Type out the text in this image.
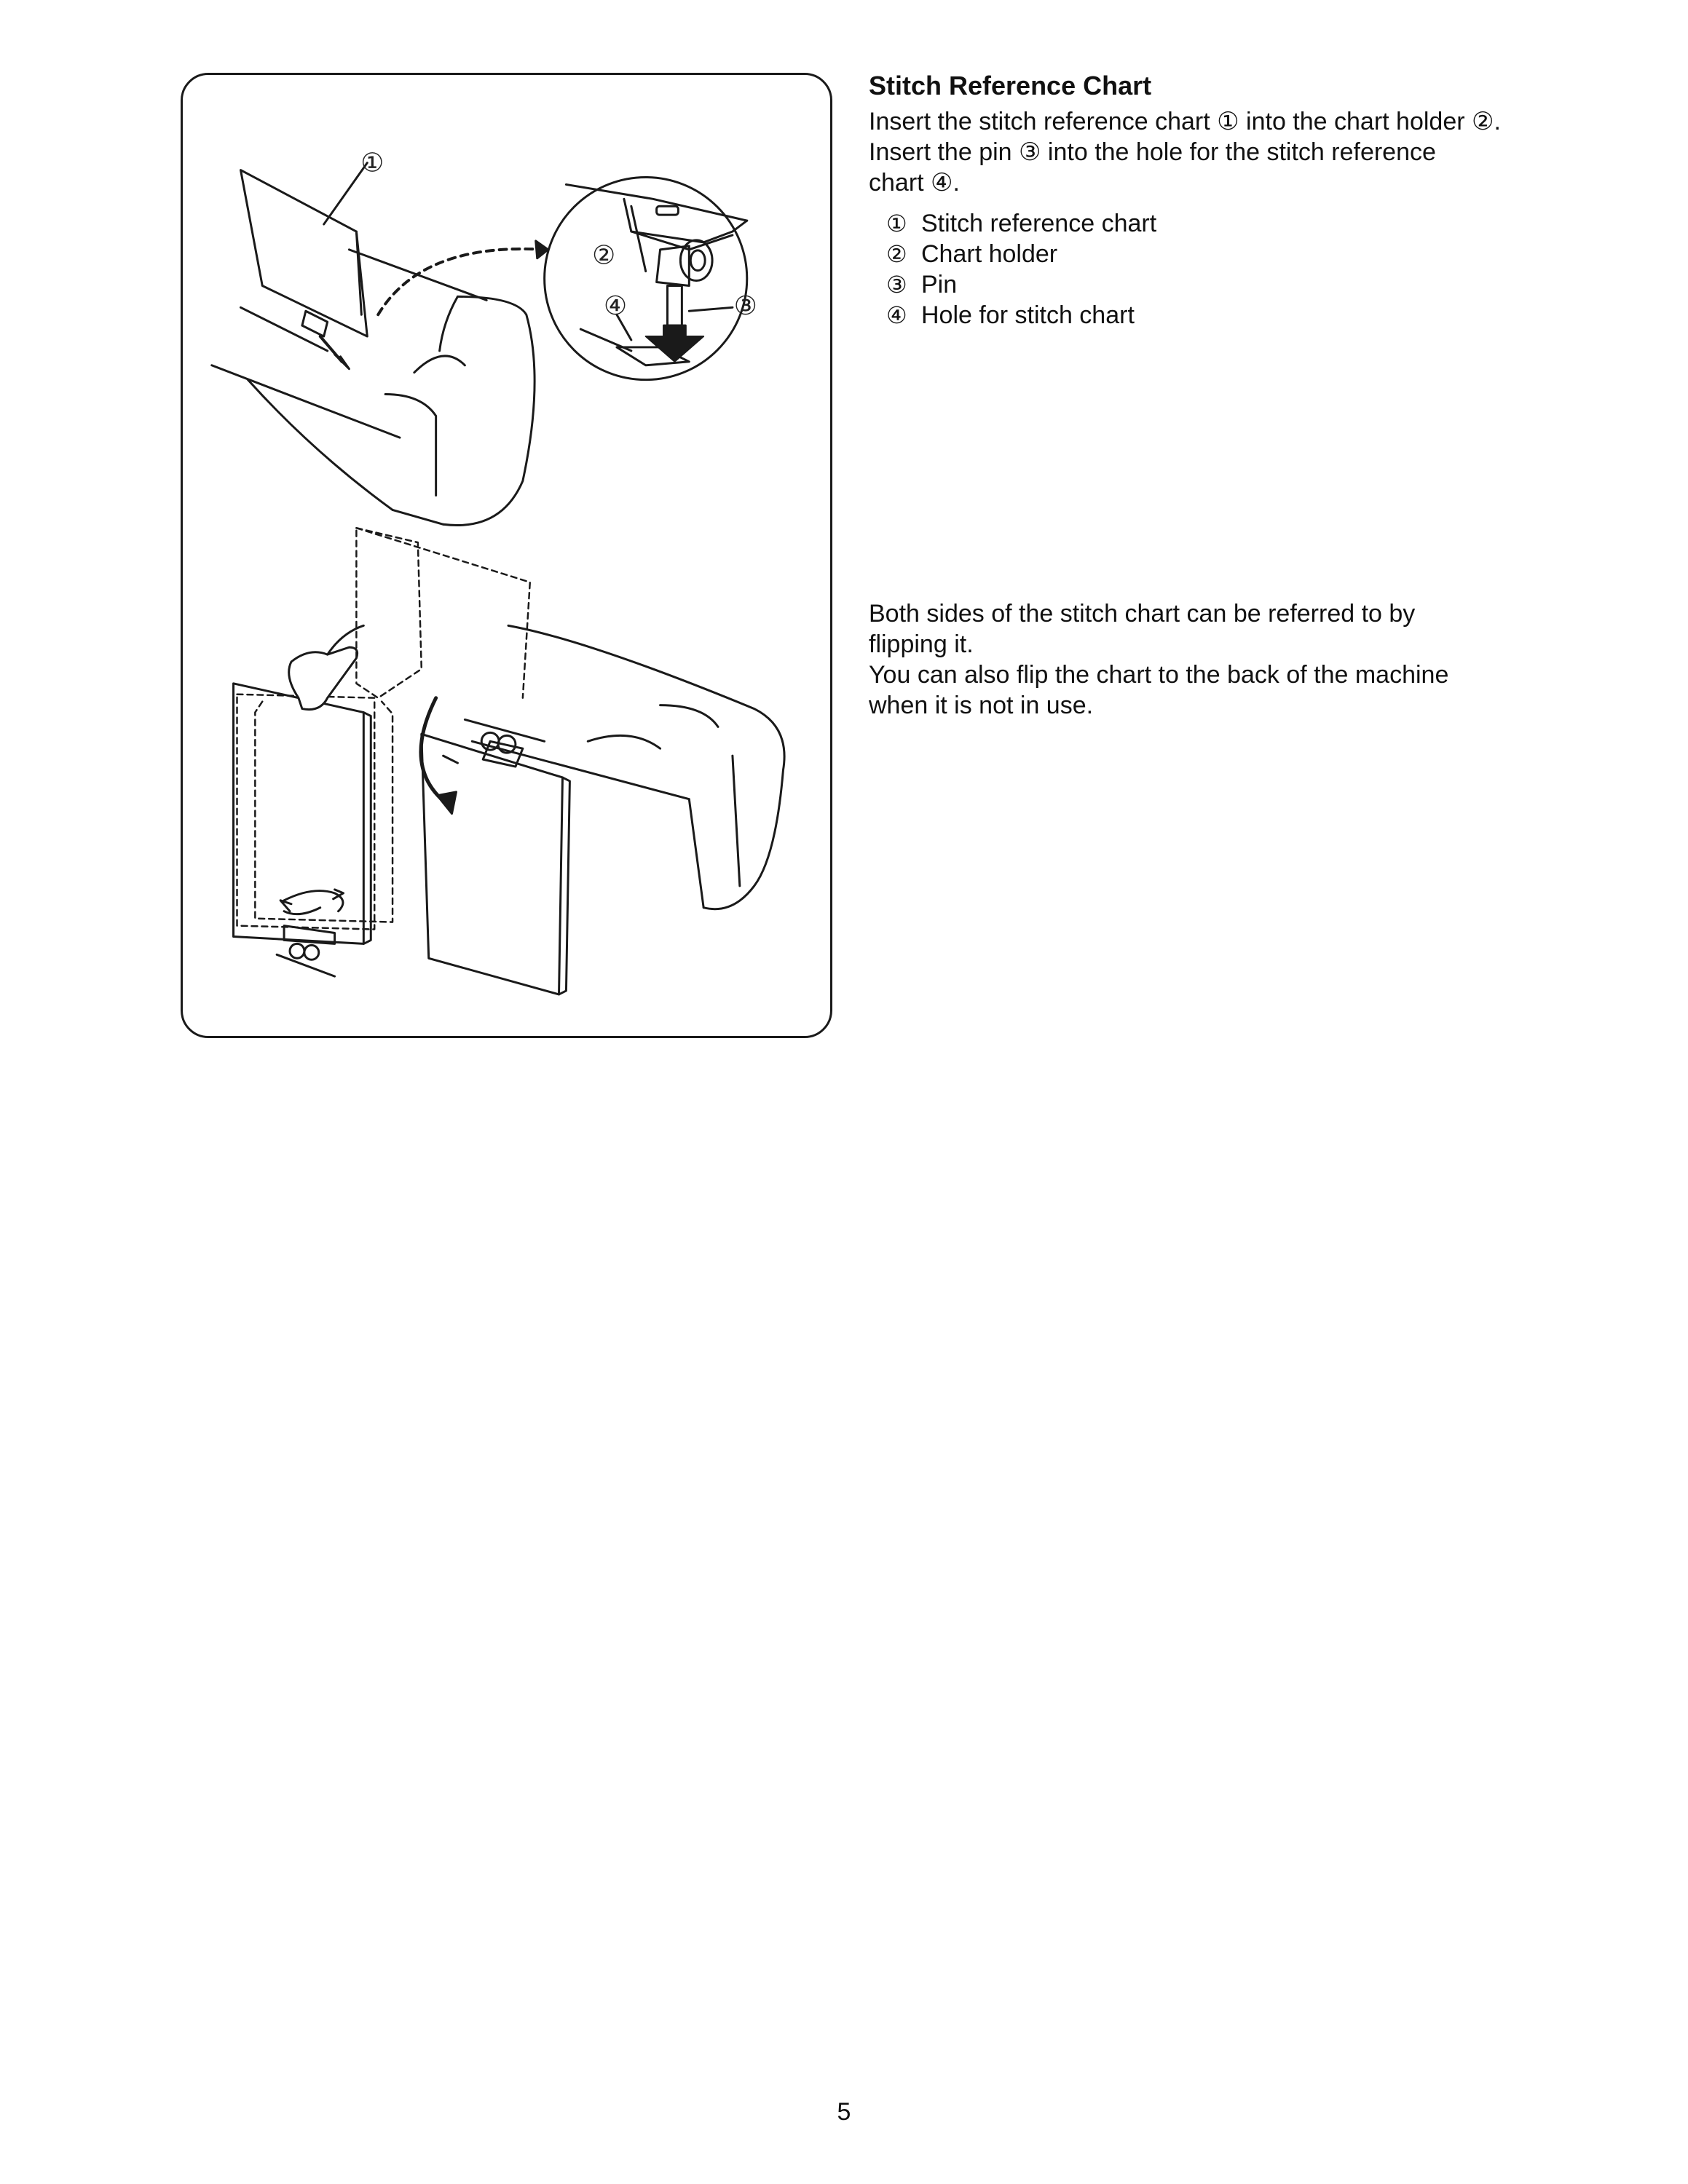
①
②
③
④
Stitch Reference Chart

Insert the stitch reference chart ① into the chart holder ②.

Insert the pin ③ into the hole for the stitch reference

chart ④.

① Stitch reference chart
② Chart holder
③ Pin
④ Hole for stitch chart

Both sides of the stitch chart can be referred to by

flipping it.

You can also flip the chart to the back of the machine

when it is not in use.

5
